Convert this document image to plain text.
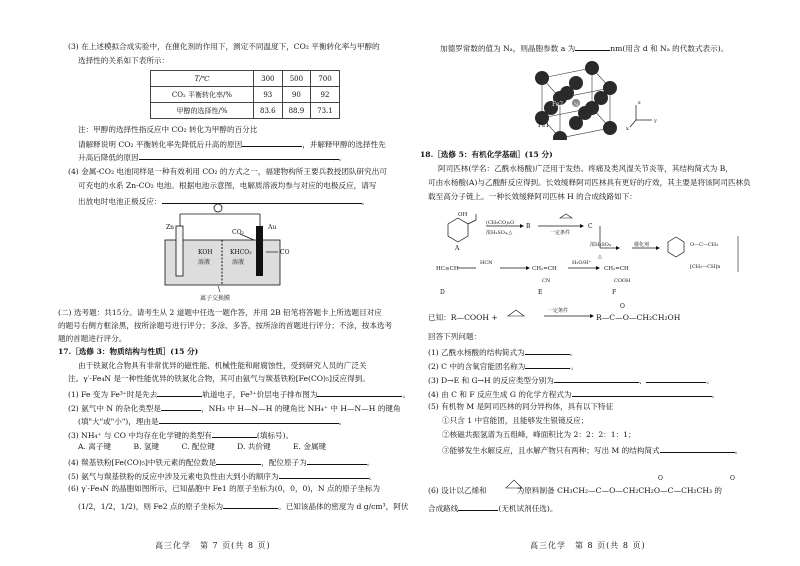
(3) 在上述模拟合成实验中，在催化剂的作用下，测定不同温度下，CO₂ 平衡转化率与甲醇的
选择性的关系如下表所示：
T/℃	300	500	700
CO₂ 平衡转化率/%	93	90	92
甲醇的选择性/%	83.6	88.9	73.1
注：甲醇的选择性指反应中 CO₂ 转化为甲醇的百分比
请解释说明 CO₂ 平衡转化率先降低后升高的原因	，并解释甲醇的选择性先
升高后降低的原因	。
(4) 金属-CO₂ 电池同样是一种有效利用 CO₂ 的方式之一，福建物构所王要兵教授团队研究出可
可充电的水系 Zn-CO₂ 电池。根据电池示意图，电解质溶液均参与对应的电极反应，请写
出放电时电池正极反应：	。
Zn	Au
KOH
溶液
KHCO₃
溶液
CO₂
CO
离子交换膜
(二) 选考题：共15分。请考生从 2 道题中任选一题作答，并用 2B 铅笔将答题卡上所选题目对应
的题号右侧方框涂黑，按所涂题号进行评分；多涂、多答，按所涂的首题进行评分；不涂，按本选考
题的首题进行评分。
17.［选修 3：物质结构与性质］(15 分)
由于铁氮化合物具有非常优异的磁性能、机械性能和耐腐蚀性，受到研究人员的广泛关
注。γ′-Fe₄N 是一种性能优异的铁氮化合物，其可由氨气与羰基铁粉[Fe(CO)₅]反应得到。
(1) Fe 变为 Fe³⁺时是先去	轨道电子，Fe³⁺价层电子排布图为	。
(2) 氨气中 N 的杂化类型是	，NH₃ 中 H—N—H 的键角比 NH₄⁺ 中 H—N—H 的键角
(填"大"或"小")，理由是	。
(3) NH₄⁺ 与 CO 中均存在化学键的类型有	(填标号)。
A. 离子键	B. 氢键	C. 配位键	D. 共价键	E. 金属键
(4) 羰基铁粉[Fe(CO)₅]中铁元素的配位数是	，配位原子为	。
(5) 氨气与羰基铁粉的反应中涉及元素电负性由大到小的顺序为	。
(6) γ′-Fe₄N 的晶胞如图所示，已知晶胞中 Fe1 的原子坐标为(0，0，0)，N 点的原子坐标为
(1/2，1/2，1/2)，则 Fe2 点的原子坐标为	。已知该晶体的密度为 d g/cm³，阿伏
高三化学　第 7 页(共 8 页)
加德罗常数的值为 Nₐ，则晶胞参数 a 为	nm(用含 d 和 Nₐ 的代数式表示)。
Fe1
Fe2 N	z
y
x
18.［选修 5：有机化学基础］(15 分)
阿司匹林(学名：乙酰水杨酸)广泛用于发热、疼痛及类风湿关节炎等，其结构简式为 B，
可由水杨酸(A)与乙酸酐反应得到。长效缓释阿司匹林具有更好的疗效，其主要是将该阿司匹林负
载至高分子链上。一种长效缓释阿司匹林 H 的合成线路如下：
OH
A
(CH₃CO)₂O
浓H₂SO₄,△
B
一定条件
C
浓H₂SO₄
△
催化剂	O—C—CH₃
[CH₂—CH]n
HC≡CH
HCN
CH₂=CH
CN
H₂O/H⁺
CH₂=CH
COOH
D	E	F
已知：R—COOH +
一定条件
R—C—O—CH₂CH₂OH
O
回答下列问题：
(1) 乙酰水杨酸的结构简式为	。
(2) C 中的含氧官能团名称为	。
(3) D→E 和 G→H 的反应类型分别为	、	。
(4) 由 C 和 F 反应生成 G 的化学方程式为	。
(5) 有机物 M 是阿司匹林的同分异构体，具有以下特征
①只含 1 中官能团，且能够发生银镜反应；
②核磁共振氢谱为五组峰，峰面积比为 2：2：2：1：1；
③能够发生水解反应，且水解产物只有两种；写出 M 的结构简式	。
(6) 设计以乙烯和	为原料制备 CH₃CH₂—C—O—CH₂CH₂O—C—CH₂CH₃ 的
O	O
合成路线	(无机试剂任选)。
高三化学　第 8 页(共 8 页)
